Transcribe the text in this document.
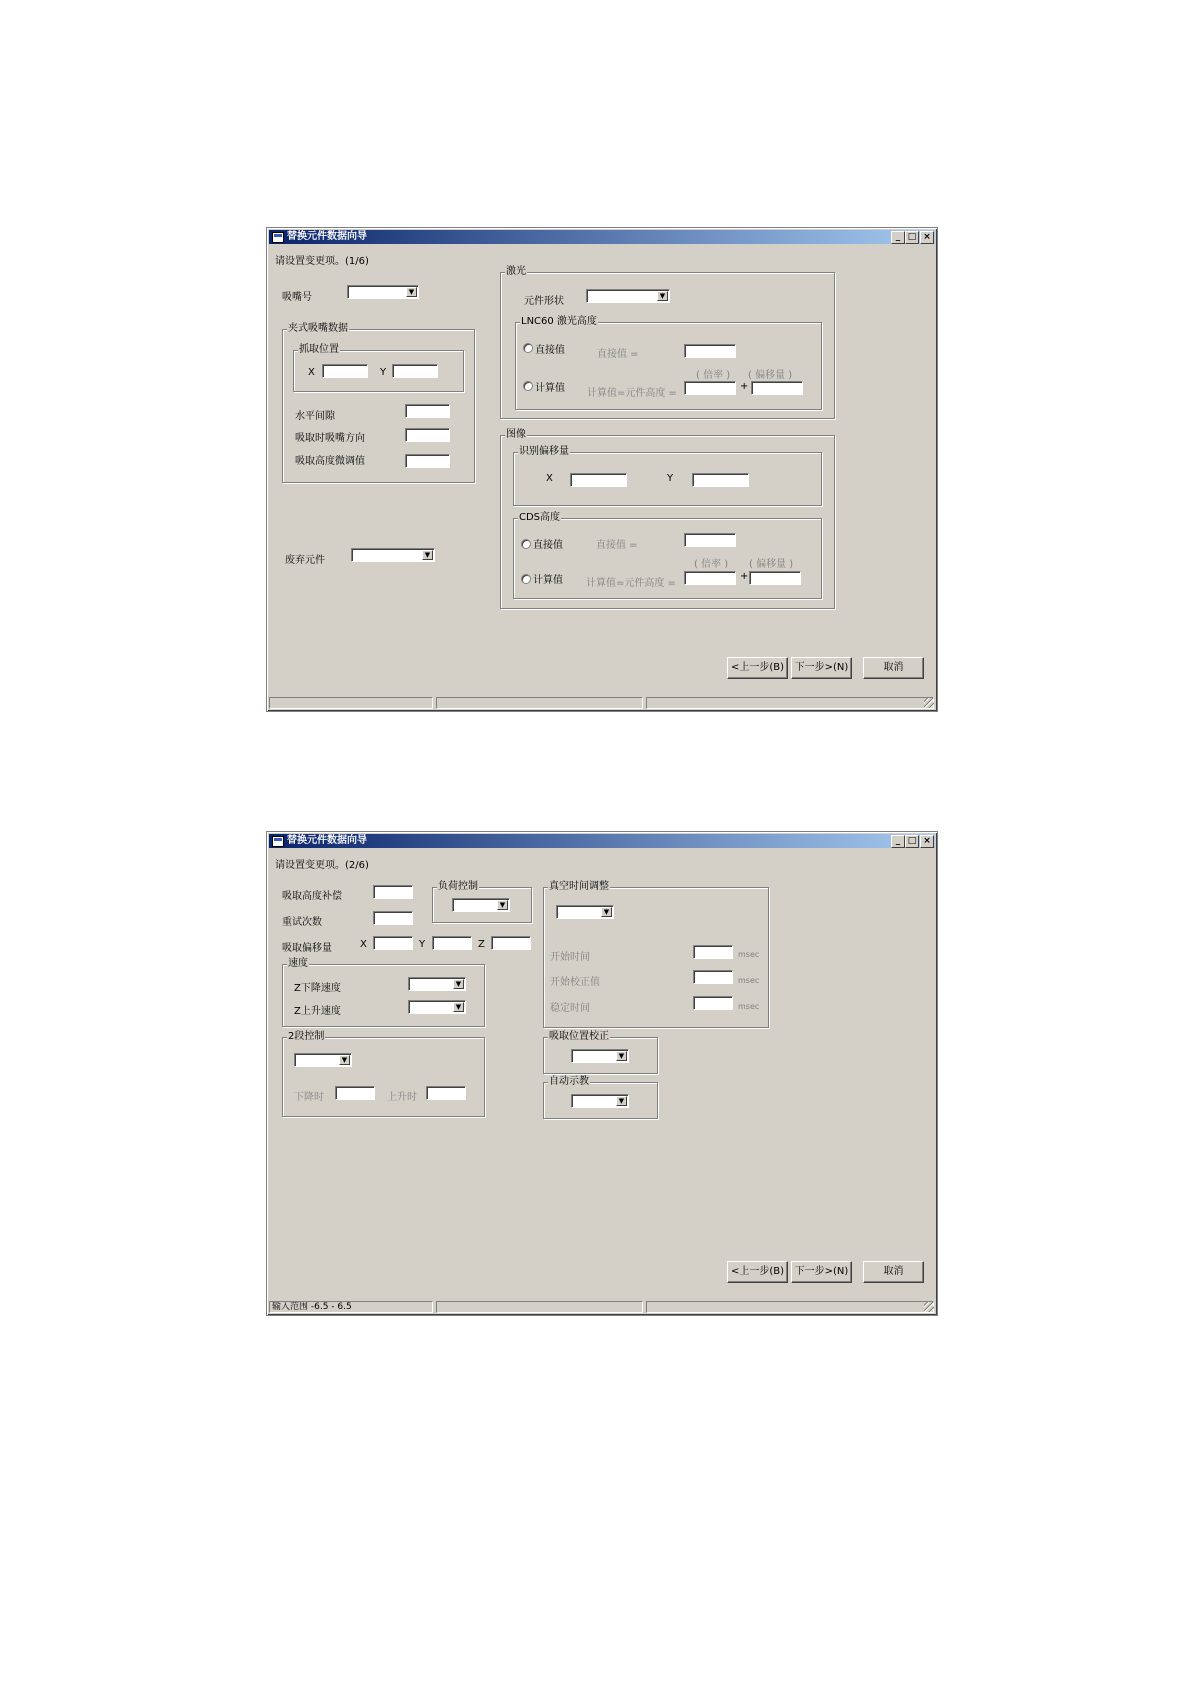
替换元件数据向导	_ □ ×
请设置变更项。(1/6)
吸嘴号	▼
夹式吸嘴数据
抓取位置
X	Y
水平间隙
吸取时吸嘴方向
吸取高度微调值
废弃元件	▼
激光
元件形状	▼
LNC60 激光高度
直接值	直接值 =
( 倍率 ) ( 偏移量 )
计算值 计算值=元件高度 =
+
图像
识别偏移量
X	Y
CDS高度
直接值	直接值 =
( 倍率 ) ( 偏移量 )
计算值 计算值=元件高度 =
+
<上一步(B)	下一步>(N)	取消
替换元件数据向导	_ □ ×
请设置变更项。(2/6)
吸取高度补偿
重试次数
吸取偏移量	X	Y	Z
负荷控制
▼
速度
Z下降速度	▼
Z上升速度	▼
2段控制
▼
下降时	上升时
真空时间调整
▼
开始时间	msec
开始校正值	msec
稳定时间	msec
吸取位置校正
▼
自动示教
▼
<上一步(B)	下一步>(N)	取消
输入范围 -6.5 - 6.5
